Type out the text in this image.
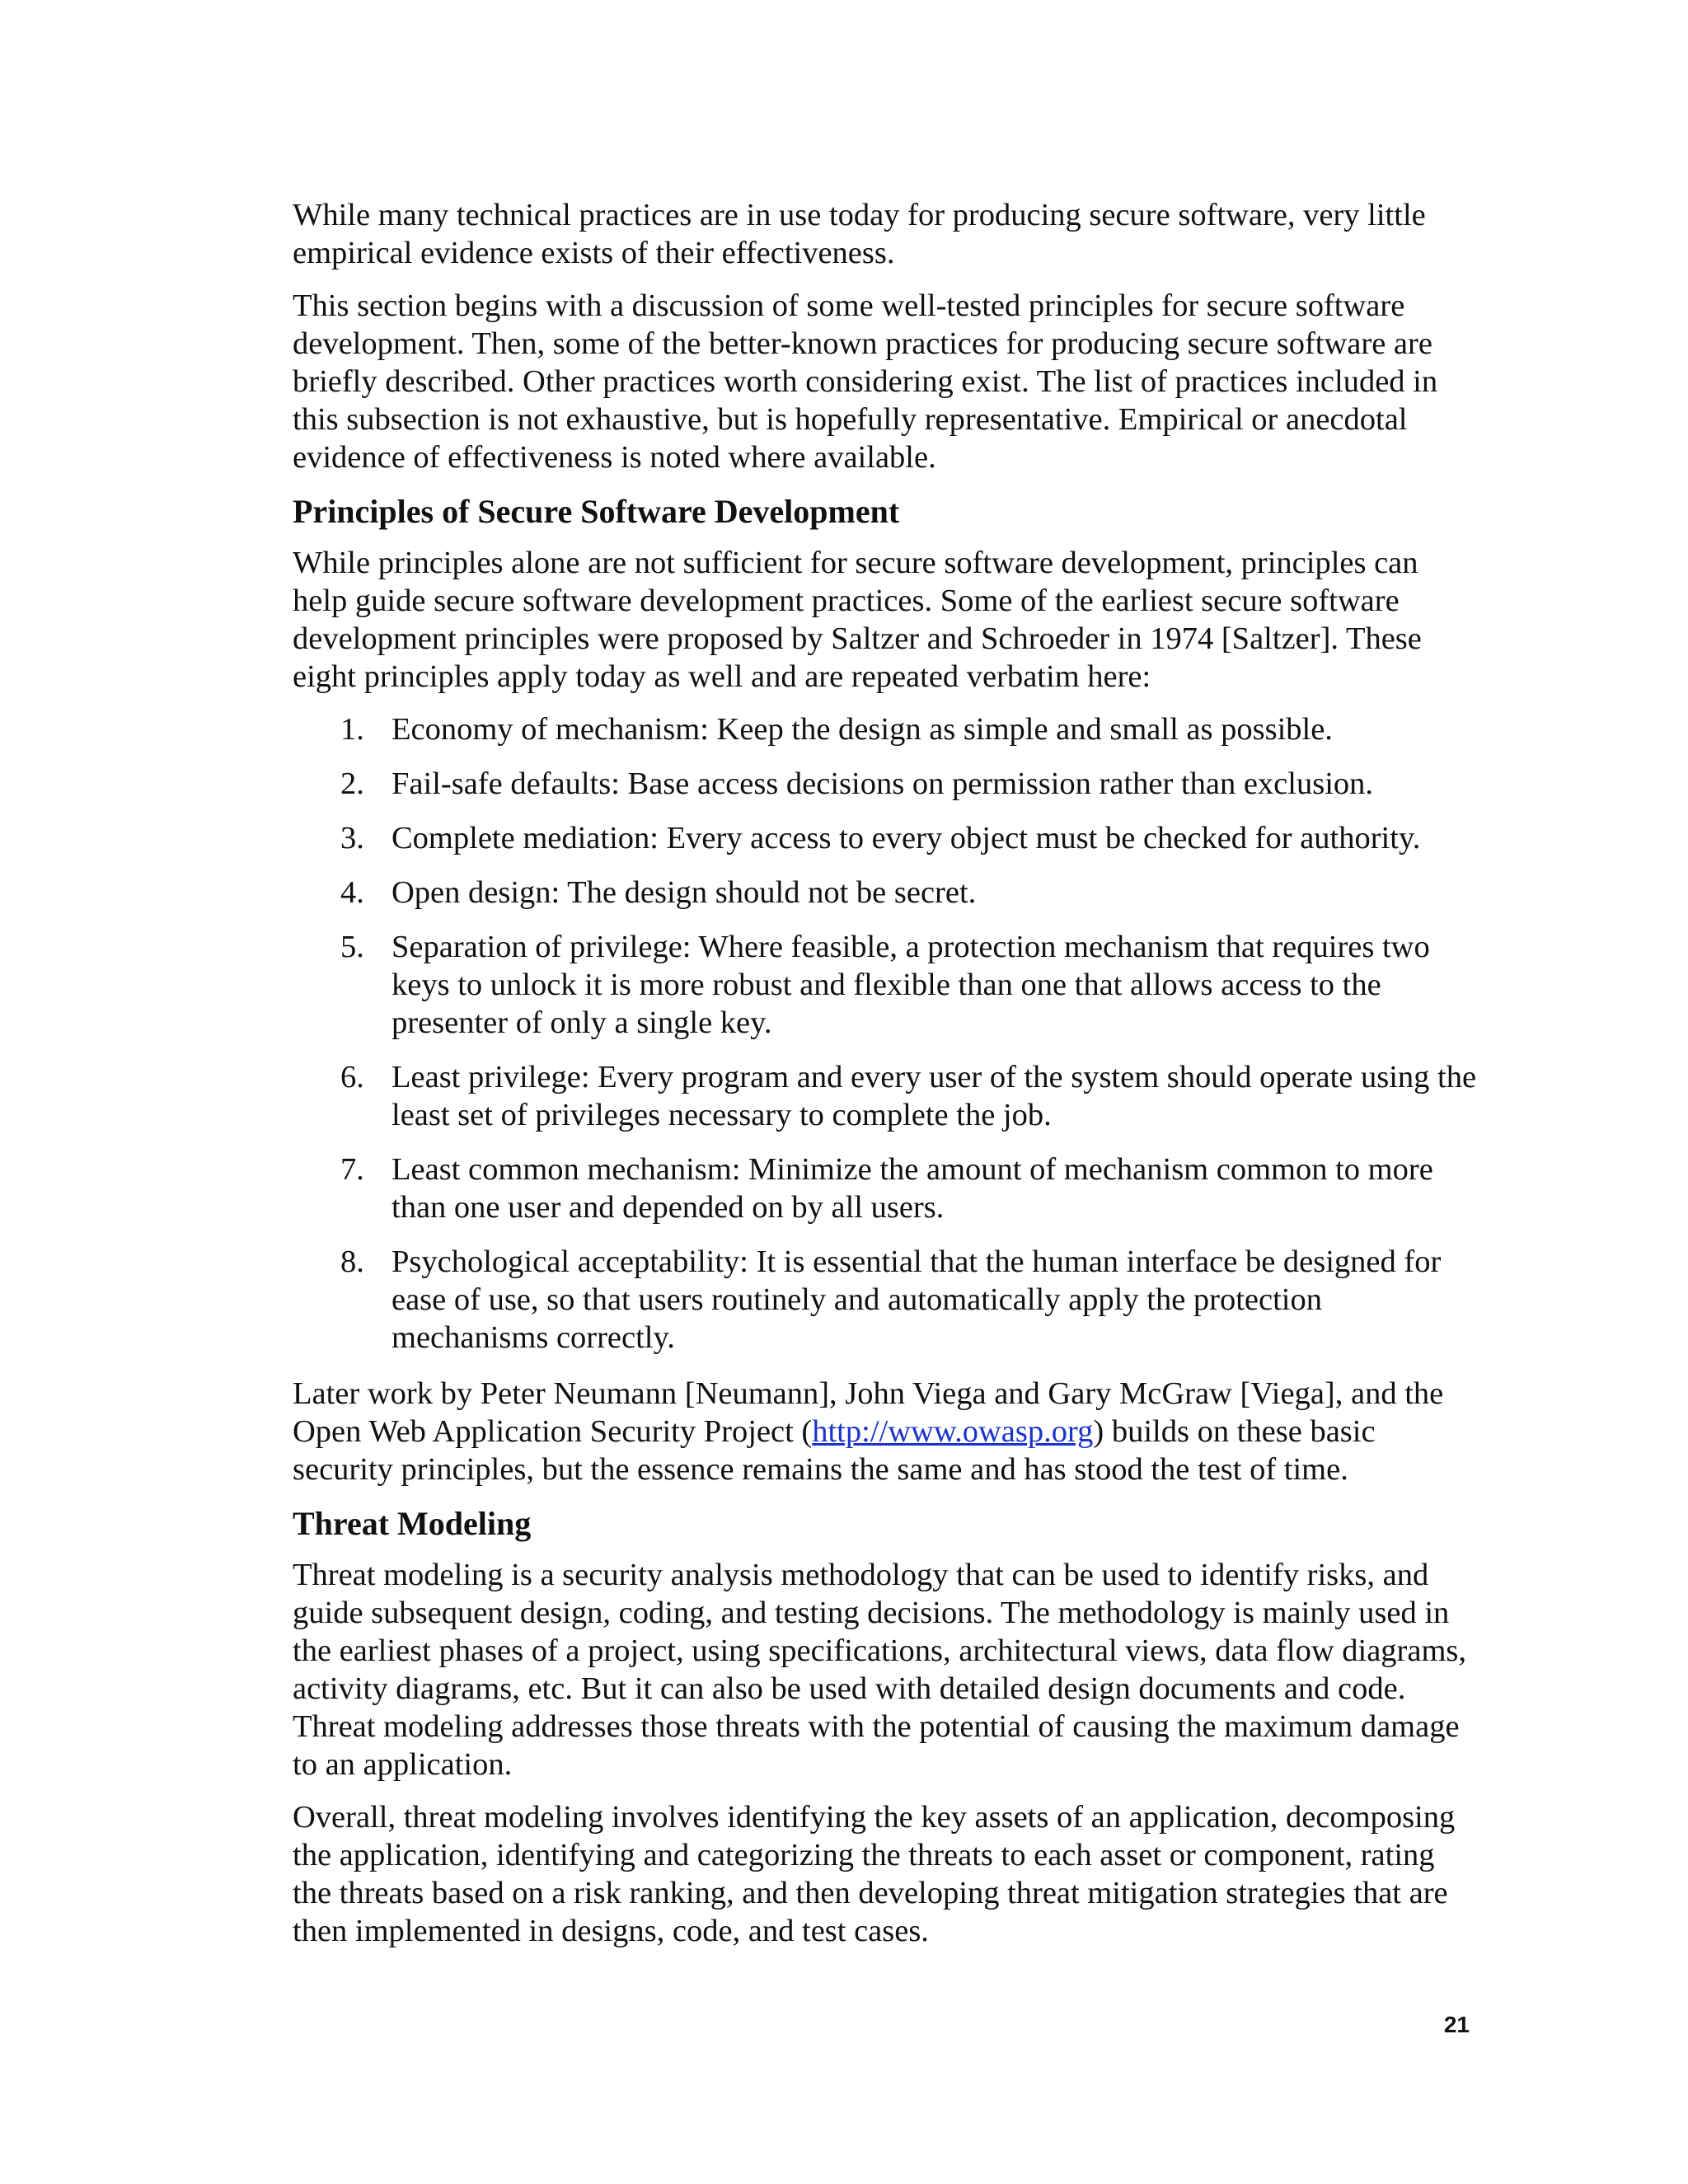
While many technical practices are in use today for producing secure software, very little empirical evidence exists of their effectiveness.

This section begins with a discussion of some well-tested principles for secure software development. Then, some of the better-known practices for producing secure software are briefly described. Other practices worth considering exist. The list of practices included in this subsection is not exhaustive, but is hopefully representative. Empirical or anecdotal evidence of effectiveness is noted where available.

Principles of Secure Software Development

While principles alone are not sufficient for secure software development, principles can help guide secure software development practices. Some of the earliest secure software development principles were proposed by Saltzer and Schroeder in 1974 [Saltzer]. These eight principles apply today as well and are repeated verbatim here:

1. Economy of mechanism: Keep the design as simple and small as possible.
2. Fail-safe defaults: Base access decisions on permission rather than exclusion.
3. Complete mediation: Every access to every object must be checked for authority.
4. Open design: The design should not be secret.
5. Separation of privilege: Where feasible, a protection mechanism that requires two keys to unlock it is more robust and flexible than one that allows access to the presenter of only a single key.
6. Least privilege: Every program and every user of the system should operate using the least set of privileges necessary to complete the job.
7. Least common mechanism: Minimize the amount of mechanism common to more than one user and depended on by all users.
8. Psychological acceptability: It is essential that the human interface be designed for ease of use, so that users routinely and automatically apply the protection mechanisms correctly.

Later work by Peter Neumann [Neumann], John Viega and Gary McGraw [Viega], and the Open Web Application Security Project (http://www.owasp.org) builds on these basic security principles, but the essence remains the same and has stood the test of time.

Threat Modeling

Threat modeling is a security analysis methodology that can be used to identify risks, and guide subsequent design, coding, and testing decisions. The methodology is mainly used in the earliest phases of a project, using specifications, architectural views, data flow diagrams, activity diagrams, etc. But it can also be used with detailed design documents and code. Threat modeling addresses those threats with the potential of causing the maximum damage to an application.

Overall, threat modeling involves identifying the key assets of an application, decomposing the application, identifying and categorizing the threats to each asset or component, rating the threats based on a risk ranking, and then developing threat mitigation strategies that are then implemented in designs, code, and test cases.

21
